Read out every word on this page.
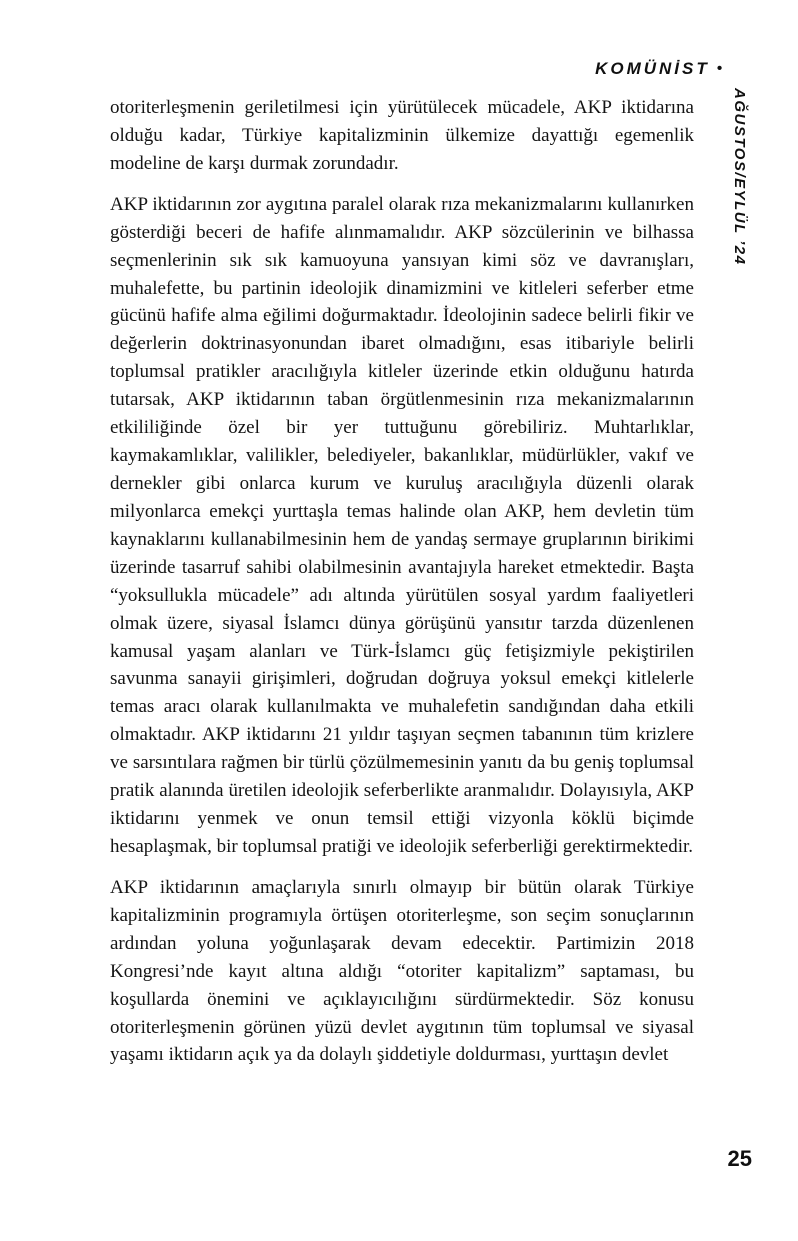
KOMÜNİST •
AĞUSTOS/EYLÜL ’24

otoriterleşmenin geriletilmesi için yürütülecek mücadele, AKP iktidarına olduğu kadar, Türkiye kapitalizminin ülkemize dayattığı egemenlik modeline de karşı durmak zorundadır.

AKP iktidarının zor aygıtına paralel olarak rıza mekanizmalarını kullanırken gösterdiği beceri de hafife alınmamalıdır. AKP sözcülerinin ve bilhassa seçmenlerinin sık sık kamuoyuna yansıyan kimi söz ve davranışları, muhalefette, bu partinin ideolojik dinamizmini ve kitleleri seferber etme gücünü hafife alma eğilimi doğurmaktadır. İdeolojinin sadece belirli fikir ve değerlerin doktrinasyonundan ibaret olmadığını, esas itibariyle belirli toplumsal pratikler aracılığıyla kitleler üzerinde etkin olduğunu hatırda tutarsak, AKP iktidarının taban örgütlenmesinin rıza mekanizmalarının etkililiğinde özel bir yer tuttuğunu görebiliriz. Muhtarlıklar, kaymakamlıklar, valilikler, belediyeler, bakanlıklar, müdürlükler, vakıf ve dernekler gibi onlarca kurum ve kuruluş aracılığıyla düzenli olarak milyonlarca emekçi yurttaşla temas halinde olan AKP, hem devletin tüm kaynaklarını kullanabilmesinin hem de yandaş sermaye gruplarının birikimi üzerinde tasarruf sahibi olabilmesinin avantajıyla hareket etmektedir. Başta “yoksullukla mücadele” adı altında yürütülen sosyal yardım faaliyetleri olmak üzere, siyasal İslamcı dünya görüşünü yansıtır tarzda düzenlenen kamusal yaşam alanları ve Türk-İslamcı güç fetişizmiyle pekiştirilen savunma sanayii girişimleri, doğrudan doğruya yoksul emekçi kitlelerle temas aracı olarak kullanılmakta ve muhalefetin sandığından daha etkili olmaktadır. AKP iktidarını 21 yıldır taşıyan seçmen tabanının tüm krizlere ve sarsıntılara rağmen bir türlü çözülmemesinin yanıtı da bu geniş toplumsal pratik alanında üretilen ideolojik seferberlikte aranmalıdır. Dolayısıyla, AKP iktidarını yenmek ve onun temsil ettiği vizyonla köklü biçimde hesaplaşmak, bir toplumsal pratiği ve ideolojik seferberliği gerektirmektedir.

AKP iktidarının amaçlarıyla sınırlı olmayıp bir bütün olarak Türkiye kapitalizminin programıyla örtüşen otoriterleşme, son seçim sonuçlarının ardından yoluna yoğunlaşarak devam edecektir. Partimizin 2018 Kongresi’nde kayıt altına aldığı “otoriter kapitalizm” saptaması, bu koşullarda önemini ve açıklayıcılığını sürdürmektedir. Söz konusu otoriterleşmenin görünen yüzü devlet aygıtının tüm toplumsal ve siyasal yaşamı iktidarın açık ya da dolaylı şiddetiyle doldurması, yurttaşın devlet

25
